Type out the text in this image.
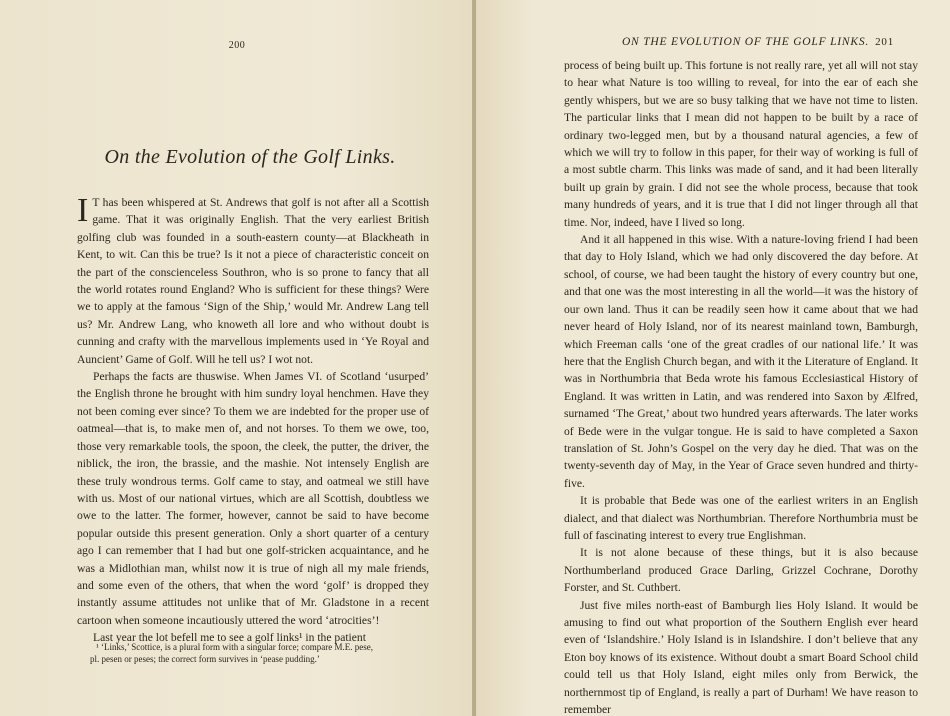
200
On the Evolution of the Golf Links.

I T has been whispered at St. Andrews that golf is not after all a Scottish game. That it was originally English. That the very earliest British golfing club was founded in a south-eastern county—at Blackheath in Kent, to wit. Can this be true? Is it not a piece of characteristic conceit on the part of the conscienceless Southron, who is so prone to fancy that all the world rotates round England? Who is sufficient for these things? Were we to apply at the famous ‘Sign of the Ship,’ would Mr. Andrew Lang tell us? Mr. Andrew Lang, who knoweth all lore and who without doubt is cunning and crafty with the marvellous implements used in ‘Ye Royal and Auncient’ Game of Golf. Will he tell us? I wot not.

Perhaps the facts are thuswise. When James VI. of Scotland ‘usurped’ the English throne he brought with him sundry loyal henchmen. Have they not been coming ever since? To them we are indebted for the proper use of oatmeal—that is, to make men of, and not horses. To them we owe, too, those very remarkable tools, the spoon, the cleek, the putter, the driver, the niblick, the iron, the brassie, and the mashie. Not intensely English are these truly wondrous terms. Golf came to stay, and oatmeal we still have with us. Most of our national virtues, which are all Scottish, doubtless we owe to the latter. The former, however, cannot be said to have become popular outside this present generation. Only a short quarter of a century ago I can remember that I had but one golf-stricken acquaintance, and he was a Midlothian man, whilst now it is true of nigh all my male friends, and some even of the others, that when the word ‘golf’ is dropped they instantly assume attitudes not unlike that of Mr. Gladstone in a recent cartoon when someone incautiously uttered the word ‘atrocities’!

Last year the lot befell me to see a golf links¹ in the patient

¹ ‘Links,’ Scottice, is a plural form with a singular force; compare M.E. pese,
pl. pesen or peses; the correct form survives in ‘pease pudding.’
ON THE EVOLUTION OF THE GOLF LINKS. 201

process of being built up. This fortune is not really rare, yet all will not stay to hear what Nature is too willing to reveal, for into the ear of each she gently whispers, but we are so busy talking that we have not time to listen. The particular links that I mean did not happen to be built by a race of ordinary two-legged men, but by a thousand natural agencies, a few of which we will try to follow in this paper, for their way of working is full of a most subtle charm. This links was made of sand, and it had been literally built up grain by grain. I did not see the whole process, because that took many hundreds of years, and it is true that I did not linger through all that time. Nor, indeed, have I lived so long.

And it all happened in this wise. With a nature-loving friend I had been that day to Holy Island, which we had only discovered the day before. At school, of course, we had been taught the history of every country but one, and that one was the most interesting in all the world—it was the history of our own land. Thus it can be readily seen how it came about that we had never heard of Holy Island, nor of its nearest mainland town, Bamburgh, which Freeman calls ‘one of the great cradles of our national life.’ It was here that the English Church began, and with it the Literature of England. It was in Northumbria that Beda wrote his famous Ecclesiastical History of England. It was written in Latin, and was rendered into Saxon by Ælfred, surnamed ‘The Great,’ about two hundred years afterwards. The later works of Bede were in the vulgar tongue. He is said to have completed a Saxon translation of St. John’s Gospel on the very day he died. That was on the twenty-seventh day of May, in the Year of Grace seven hundred and thirty-five.

It is probable that Bede was one of the earliest writers in an English dialect, and that dialect was Northumbrian. Therefore Northumbria must be full of fascinating interest to every true Englishman.

It is not alone because of these things, but it is also because Northumberland produced Grace Darling, Grizzel Cochrane, Dorothy Forster, and St. Cuthbert.

Just five miles north-east of Bamburgh lies Holy Island. It would be amusing to find out what proportion of the Southern English ever heard even of ‘Islandshire.’ Holy Island is in Islandshire. I don’t believe that any Eton boy knows of its existence. Without doubt a smart Board School child could tell us that Holy Island, eight miles only from Berwick, the northernmost tip of England, is really a part of Durham! We have reason to remember
